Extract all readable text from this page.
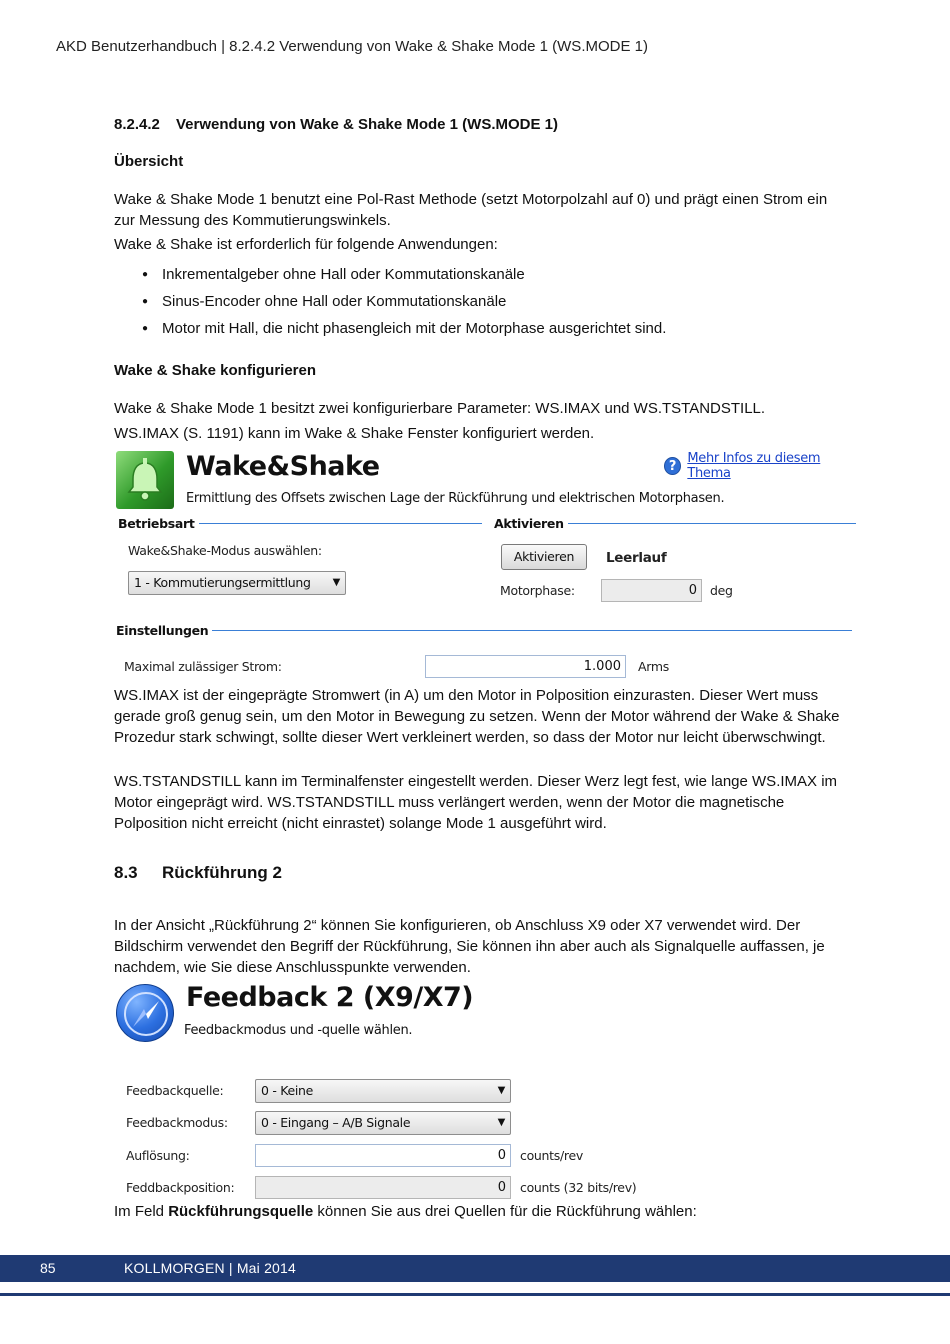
AKD Benutzerhandbuch | 8.2.4.2 Verwendung von Wake & Shake Mode 1 (WS.MODE 1)
8.2.4.2 Verwendung von Wake & Shake Mode 1 (WS.MODE 1)
Übersicht
Wake & Shake Mode 1 benutzt eine Pol-Rast Methode (setzt Motorpolzahl auf 0) und prägt einen Strom ein zur Messung des Kommutierungswinkels.
Wake & Shake ist erforderlich für folgende Anwendungen:
● Inkrementalgeber ohne Hall oder Kommutationskanäle
● Sinus-Encoder ohne Hall oder Kommutationskanäle
● Motor mit Hall, die nicht phasengleich mit der Motorphase ausgerichtet sind.
Wake & Shake konfigurieren
Wake & Shake Mode 1 besitzt zwei konfigurierbare Parameter: WS.IMAX und WS.TSTANDSTILL.
WS.IMAX (S. 1191) kann im Wake & Shake Fenster konfiguriert werden.
Wake&Shake
Ermittlung des Offsets zwischen Lage der Rückführung und elektrischen Motorphasen.
? Mehr Infos zu diesem Thema
Betriebsart	Aktivieren
Wake&Shake-Modus auswählen:
1 - Kommutierungsermittlung ▼
Aktivieren	Leerlauf
Motorphase:	0	deg
Einstellungen
Maximal zulässiger Strom:	1.000	Arms
WS.IMAX ist der eingeprägte Stromwert (in A) um den Motor in Polposition einzurasten. Dieser Wert muss gerade groß genug sein, um den Motor in Bewegung zu setzen. Wenn der Motor während der Wake & Shake Prozedur stark schwingt, sollte dieser Wert verkleinert werden, so dass der Motor nur leicht überwschwingt.
WS.TSTANDSTILL kann im Terminalfenster eingestellt werden. Dieser Werz legt fest, wie lange WS.IMAX im Motor eingeprägt wird. WS.TSTANDSTILL muss verlängert werden, wenn der Motor die magnetische Polposition nicht erreicht (nicht einrastet) solange Mode 1 ausgeführt wird.
8.3 Rückführung 2
In der Ansicht „Rückführung 2“ können Sie konfigurieren, ob Anschluss X9 oder X7 verwendet wird. Der Bildschirm verwendet den Begriff der Rückführung, Sie können ihn aber auch als Signalquelle auffassen, je nachdem, wie Sie diese Anschlusspunkte verwenden.
Feedback 2 (X9/X7)
Feedbackmodus und -quelle wählen.
Feedbackquelle:	0 - Keine	▼
Feedbackmodus:	0 - Eingang – A/B Signale	▼
Auflösung:	0	counts/rev
Feddbackposition:	0	counts (32 bits/rev)
Im Feld Rückführungsquelle können Sie aus drei Quellen für die Rückführung wählen:
85	KOLLMORGEN | Mai 2014
